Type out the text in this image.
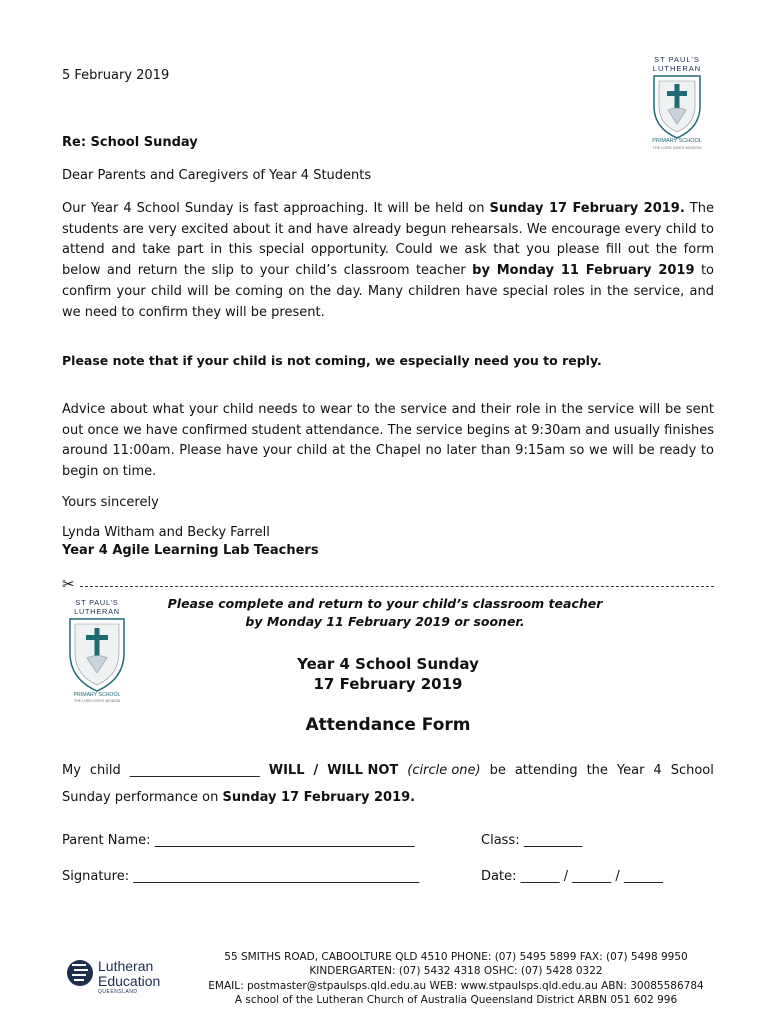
ST PAUL’S
LUTHERAN
PRIMARY SCHOOL
THE LORD GIVES WISDOM
5 February 2019
Re: School Sunday
Dear Parents and Caregivers of Year 4 Students
Our Year 4 School Sunday is fast approaching. It will be held on Sunday 17 February 2019. The students are very excited about it and have already begun rehearsals. We encourage every child to attend and take part in this special opportunity. Could we ask that you please fill out the form below and return the slip to your child’s classroom teacher by Monday 11 February 2019 to confirm your child will be coming on the day. Many children have special roles in the service, and we need to confirm they will be present.
Please note that if your child is not coming, we especially need you to reply.
Advice about what your child needs to wear to the service and their role in the service will be sent out once we have confirmed student attendance. The service begins at 9:30am and usually finishes around 11:00am. Please have your child at the Chapel no later than 9:15am so we will be ready to begin on time.
Yours sincerely
Lynda Witham and Becky Farrell
Year 4 Agile Learning Lab Teachers
✂
ST PAUL’S
LUTHERAN
PRIMARY SCHOOL
THE LORD GIVES WISDOM
Please complete and return to your child’s classroom teacher
by Monday 11 February 2019 or sooner.
Year 4 School Sunday
17 February 2019
Attendance Form
My child ____________________ WILL / WILL NOT (circle one) be attending the Year 4 School
Sunday performance on Sunday 17 February 2019.
Parent Name: ________________________________________	Class: _________
Signature: ____________________________________________	Date: ______ / ______ / ______
Lutheran
Education
QUEENSLAND
55 SMITHS ROAD, CABOOLTURE QLD 4510 PHONE: (07) 5495 5899 FAX: (07) 5498 9950
KINDERGARTEN: (07) 5432 4318 OSHC: (07) 5428 0322
EMAIL: postmaster@stpaulsps.qld.edu.au WEB: www.stpaulsps.qld.edu.au ABN: 30085586784
A school of the Lutheran Church of Australia Queensland District ARBN 051 602 996
